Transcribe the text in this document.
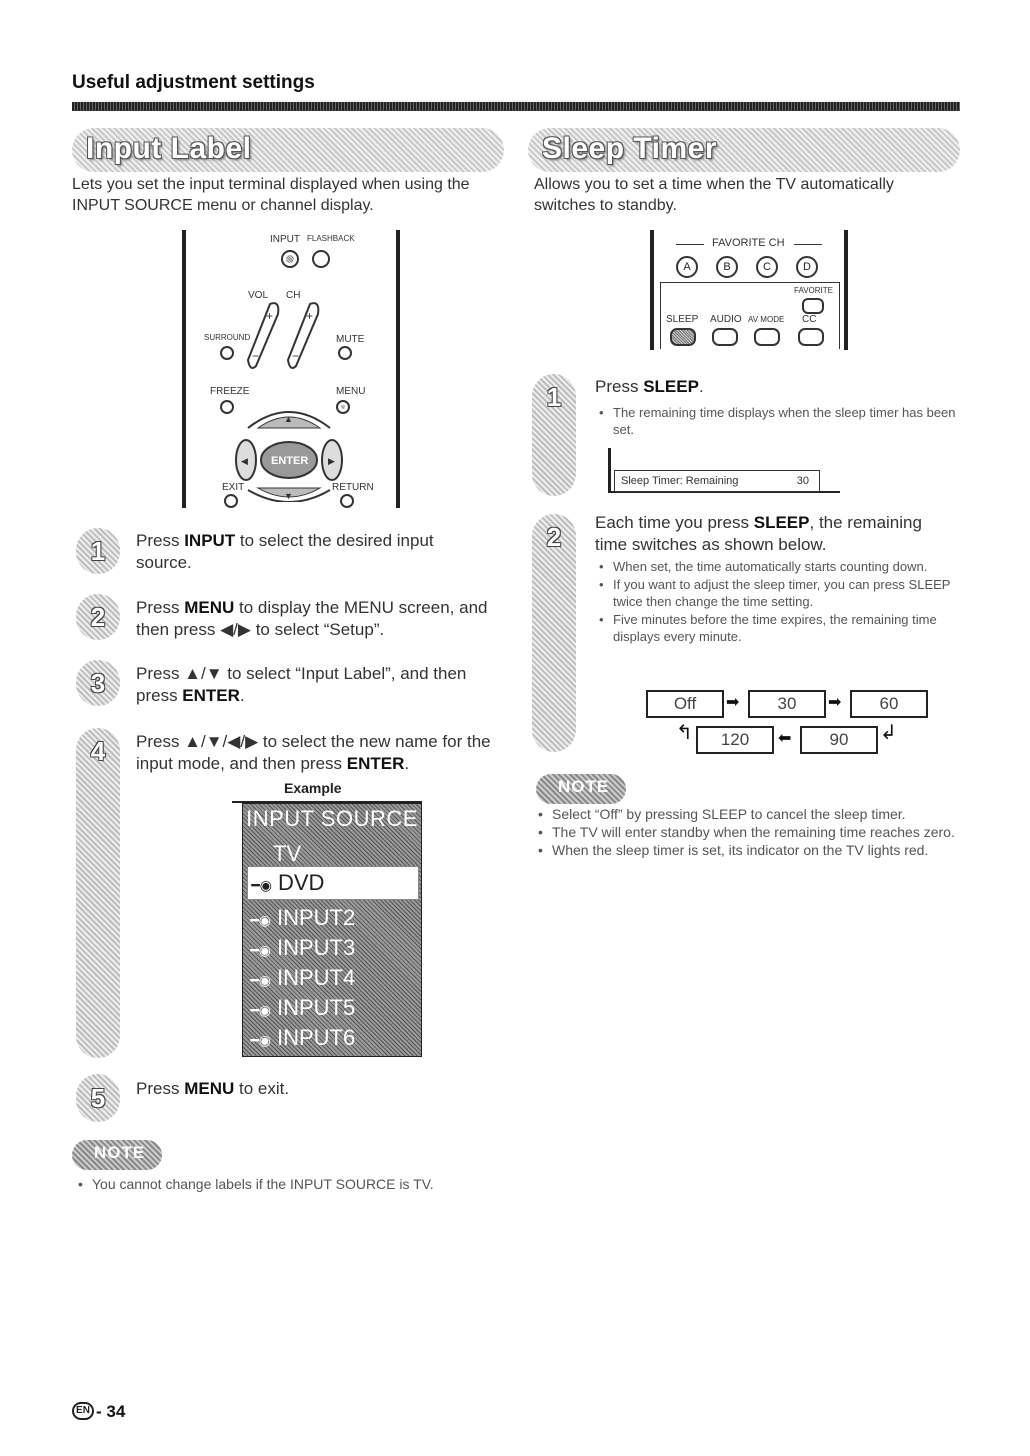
Useful adjustment settings
Input Label
Lets you set the input terminal displayed when using the INPUT SOURCE menu or channel display.
INPUT FLASHBACK
VOL CH
+	+
−	−
SURROUND	MUTE
FREEZE	MENU
▲
◀	▶
ENTER
▼
EXIT	RETURN
1	Press INPUT to select the desired input source.
2	Press MENU to display the MENU screen, and then press ◀/▶ to select “Setup”.
3	Press ▲/▼ to select “Input Label”, and then press ENTER.
4	Press ▲/▼/◀/▶ to select the new name for the input mode, and then press ENTER.
Example
INPUT SOURCE
TV
━◉ DVD
━◉ INPUT2
━◉ INPUT3
━◉ INPUT4
━◉ INPUT5
━◉ INPUT6
5	Press MENU to exit.
NOTE
• You cannot change labels if the INPUT SOURCE is TV.
Sleep Timer
Allows you to set a time when the TV automatically switches to standby.
FAVORITE CH
A	B	C	D
FAVORITE
SLEEP AUDIO AV MODE CC
1	Press SLEEP.
• The remaining time displays when the sleep timer has been set.
Sleep Timer: Remaining	30
2	Each time you press SLEEP, the remaining time switches as shown below.
• When set, the time automatically starts counting down.
• If you want to adjust the sleep timer, you can press SLEEP twice then change the time setting.
• Five minutes before the time expires, the remaining time displays every minute.
Off	➡	30	➡	60
↰	120	⬅	90	↲
NOTE
• Select “Off” by pressing SLEEP to cancel the sleep timer.
• The TV will enter standby when the remaining time reaches zero.
• When the sleep timer is set, its indicator on the TV lights red.
EN - 34
